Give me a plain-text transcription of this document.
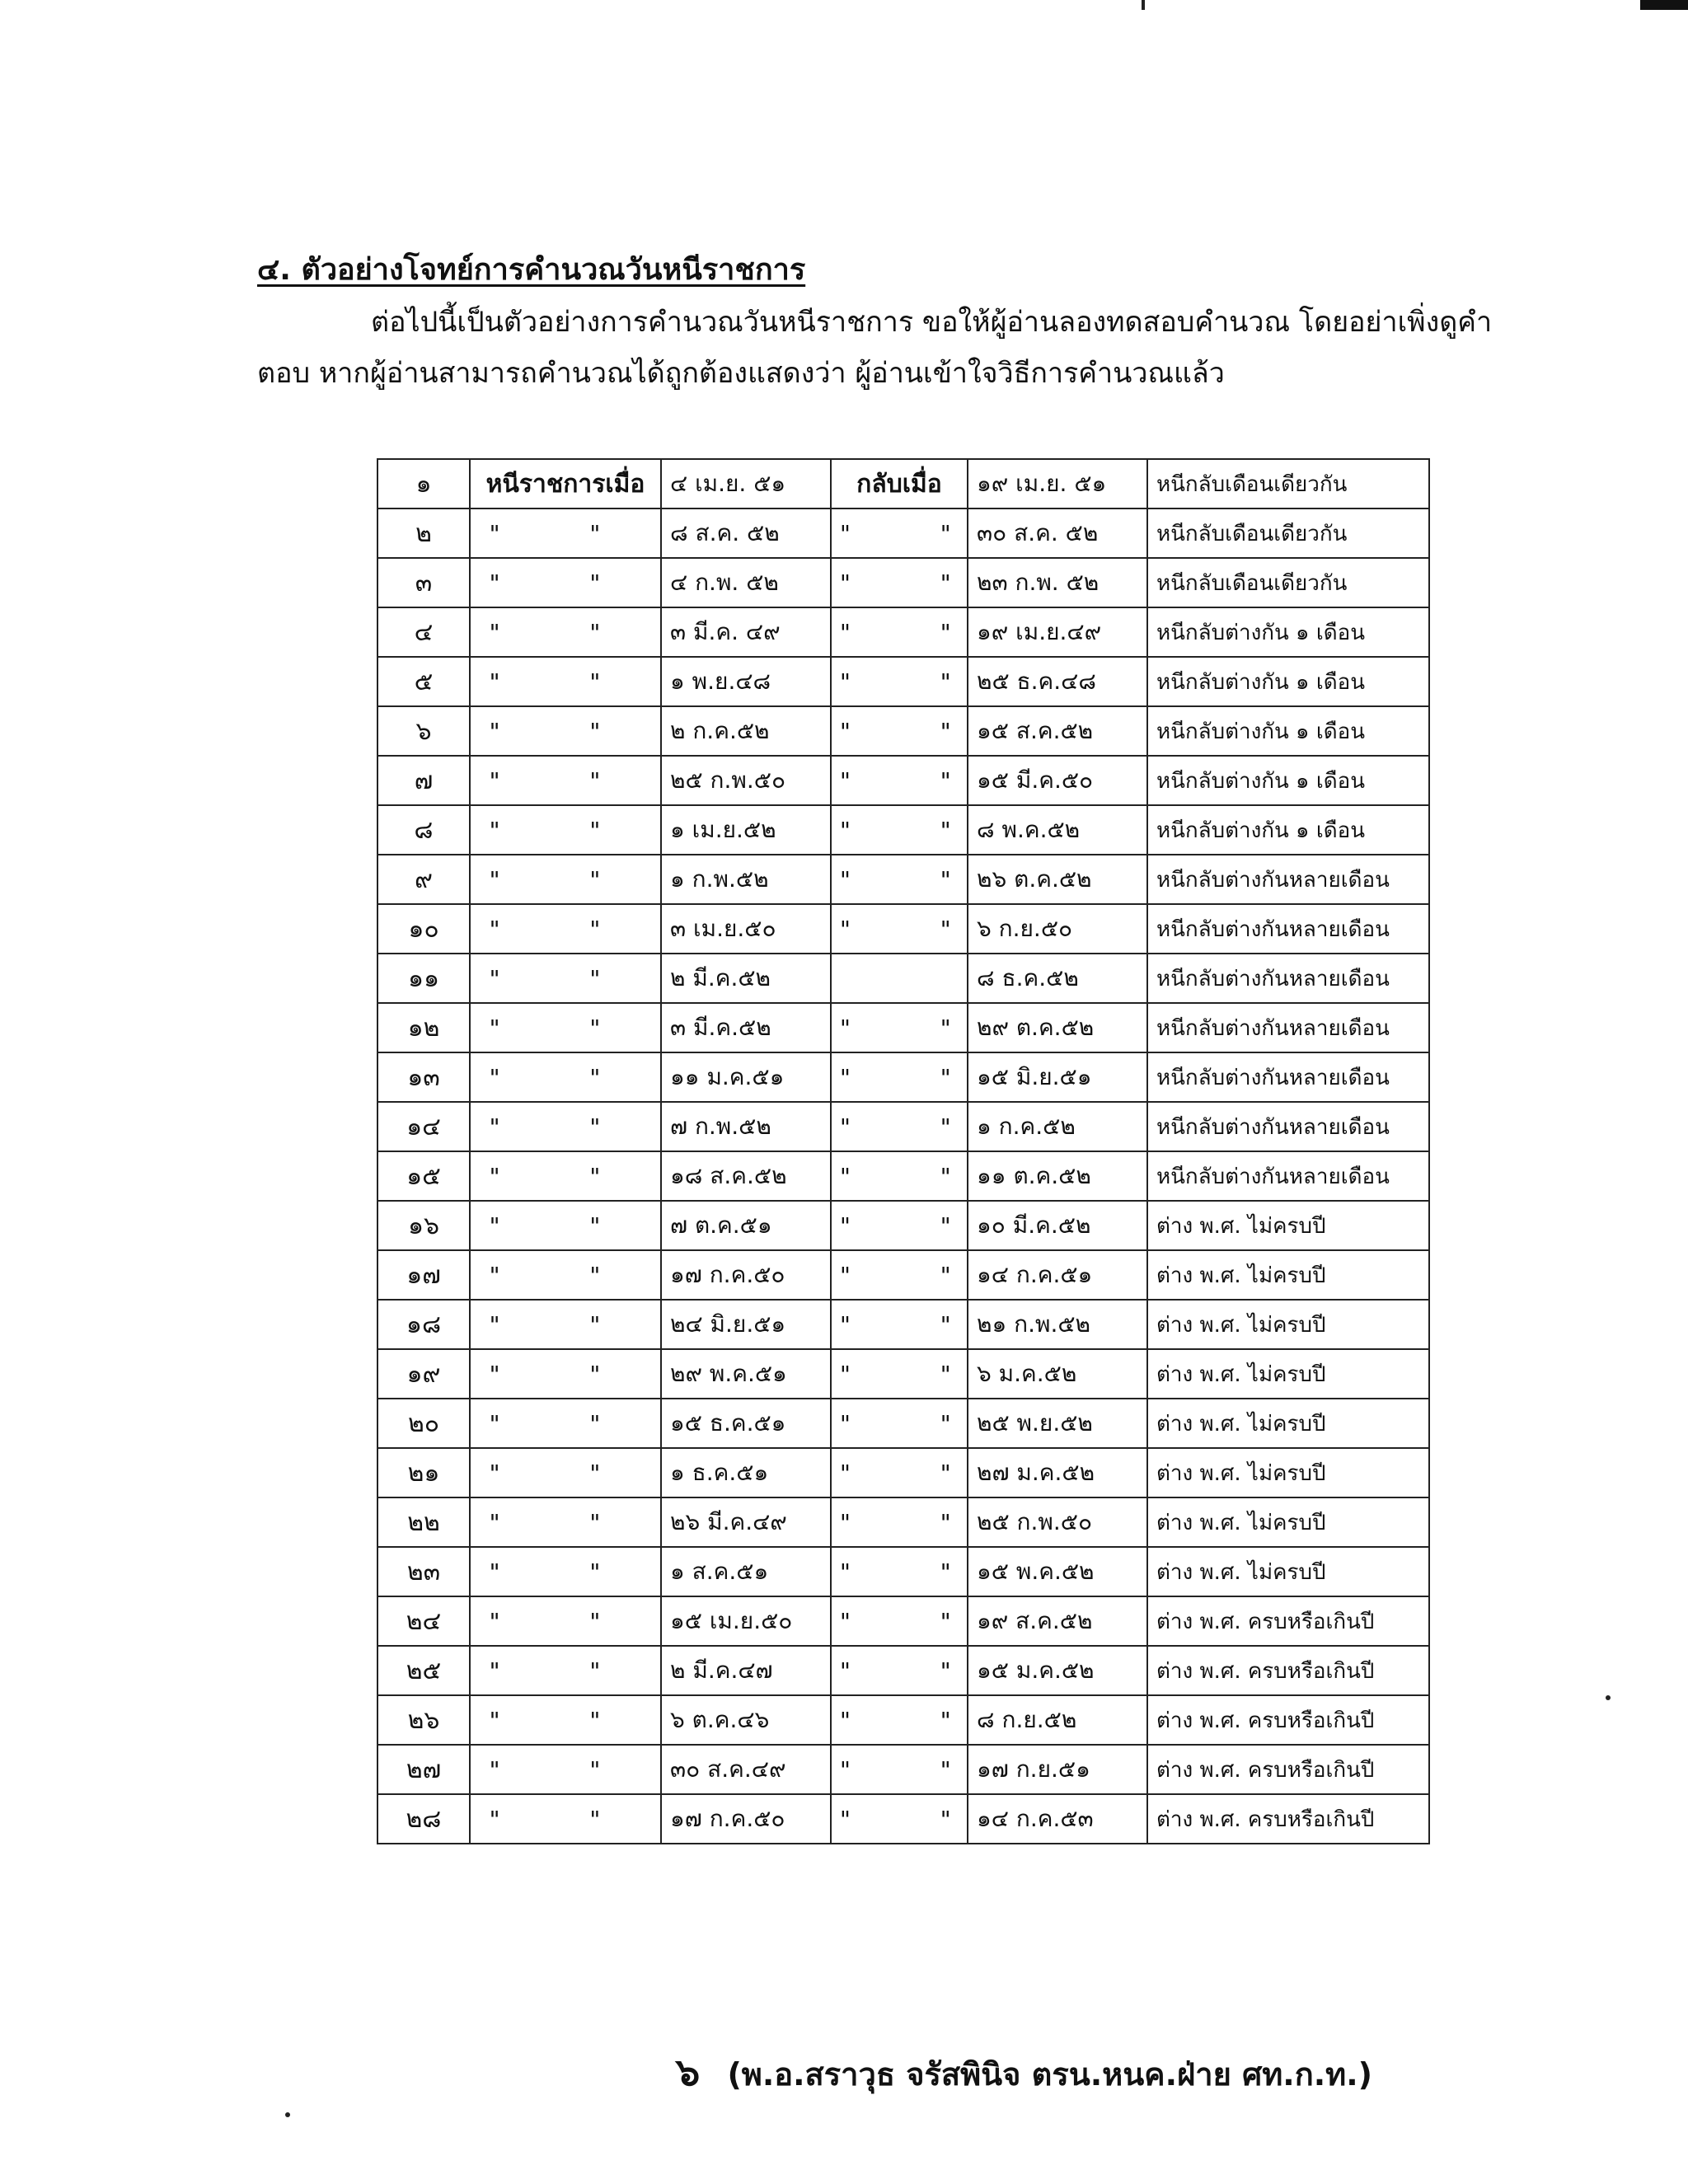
๔. ตัวอย่างโจทย์การคำนวณวันหนีราชการ
ต่อไปนี้เป็นตัวอย่างการคำนวณวันหนีราชการ ขอให้ผู้อ่านลองทดสอบคำนวณ โดยอย่าเพิ่งดูคำตอบ หากผู้อ่านสามารถคำนวณได้ถูกต้องแสดงว่า ผู้อ่านเข้าใจวิธีการคำนวณแล้ว
๑	หนีราชการเมื่อ	๔ เม.ย. ๕๑	กลับเมื่อ	๑๙ เม.ย. ๕๑	หนีกลับเดือนเดียวกัน
๒	" "	๘ ส.ค. ๕๒	" "	๓๐ ส.ค. ๕๒	หนีกลับเดือนเดียวกัน
๓	" "	๔ ก.พ. ๕๒	" "	๒๓ ก.พ. ๕๒	หนีกลับเดือนเดียวกัน
๔	" "	๓ มี.ค. ๔๙	" "	๑๙ เม.ย.๔๙	หนีกลับต่างกัน ๑ เดือน
๕	" "	๑ พ.ย.๔๘	" "	๒๕ ธ.ค.๔๘	หนีกลับต่างกัน ๑ เดือน
๖	" "	๒ ก.ค.๕๒	" "	๑๕ ส.ค.๕๒	หนีกลับต่างกัน ๑ เดือน
๗	" "	๒๕ ก.พ.๕๐	" "	๑๕ มี.ค.๕๐	หนีกลับต่างกัน ๑ เดือน
๘	" "	๑ เม.ย.๕๒	" "	๘ พ.ค.๕๒	หนีกลับต่างกัน ๑ เดือน
๙	" "	๑ ก.พ.๕๒	" "	๒๖ ต.ค.๕๒	หนีกลับต่างกันหลายเดือน
๑๐	" "	๓ เม.ย.๕๐	" "	๖ ก.ย.๕๐	หนีกลับต่างกันหลายเดือน
๑๑	" "	๒ มี.ค.๕๒		๘ ธ.ค.๕๒	หนีกลับต่างกันหลายเดือน
๑๒	" "	๓ มี.ค.๕๒	" "	๒๙ ต.ค.๕๒	หนีกลับต่างกันหลายเดือน
๑๓	" "	๑๑ ม.ค.๕๑	" "	๑๕ มิ.ย.๕๑	หนีกลับต่างกันหลายเดือน
๑๔	" "	๗ ก.พ.๕๒	" "	๑ ก.ค.๕๒	หนีกลับต่างกันหลายเดือน
๑๕	" "	๑๘ ส.ค.๕๒	" "	๑๑ ต.ค.๕๒	หนีกลับต่างกันหลายเดือน
๑๖	" "	๗ ต.ค.๕๑	" "	๑๐ มี.ค.๕๒	ต่าง พ.ศ. ไม่ครบปี
๑๗	" "	๑๗ ก.ค.๕๐	" "	๑๔ ก.ค.๕๑	ต่าง พ.ศ. ไม่ครบปี
๑๘	" "	๒๔ มิ.ย.๕๑	" "	๒๑ ก.พ.๕๒	ต่าง พ.ศ. ไม่ครบปี
๑๙	" "	๒๙ พ.ค.๕๑	" "	๖ ม.ค.๕๒	ต่าง พ.ศ. ไม่ครบปี
๒๐	" "	๑๕ ธ.ค.๕๑	" "	๒๕ พ.ย.๕๒	ต่าง พ.ศ. ไม่ครบปี
๒๑	" "	๑ ธ.ค.๕๑	" "	๒๗ ม.ค.๕๒	ต่าง พ.ศ. ไม่ครบปี
๒๒	" "	๒๖ มี.ค.๔๙	" "	๒๕ ก.พ.๕๐	ต่าง พ.ศ. ไม่ครบปี
๒๓	" "	๑ ส.ค.๕๑	" "	๑๕ พ.ค.๕๒	ต่าง พ.ศ. ไม่ครบปี
๒๔	" "	๑๕ เม.ย.๕๐	" "	๑๙ ส.ค.๕๒	ต่าง พ.ศ. ครบหรือเกินปี
๒๕	" "	๒ มี.ค.๔๗	" "	๑๕ ม.ค.๕๒	ต่าง พ.ศ. ครบหรือเกินปี
๒๖	" "	๖ ต.ค.๔๖	" "	๘ ก.ย.๕๒	ต่าง พ.ศ. ครบหรือเกินปี
๒๗	" "	๓๐ ส.ค.๔๙	" "	๑๗ ก.ย.๕๑	ต่าง พ.ศ. ครบหรือเกินปี
๒๘	" "	๑๗ ก.ค.๕๐	" "	๑๔ ก.ค.๕๓	ต่าง พ.ศ. ครบหรือเกินปี
๖ (พ.อ.สราวุธ จรัสพินิจ ตรน.หนค.ฝ่าย ศท.ก.ท.)
